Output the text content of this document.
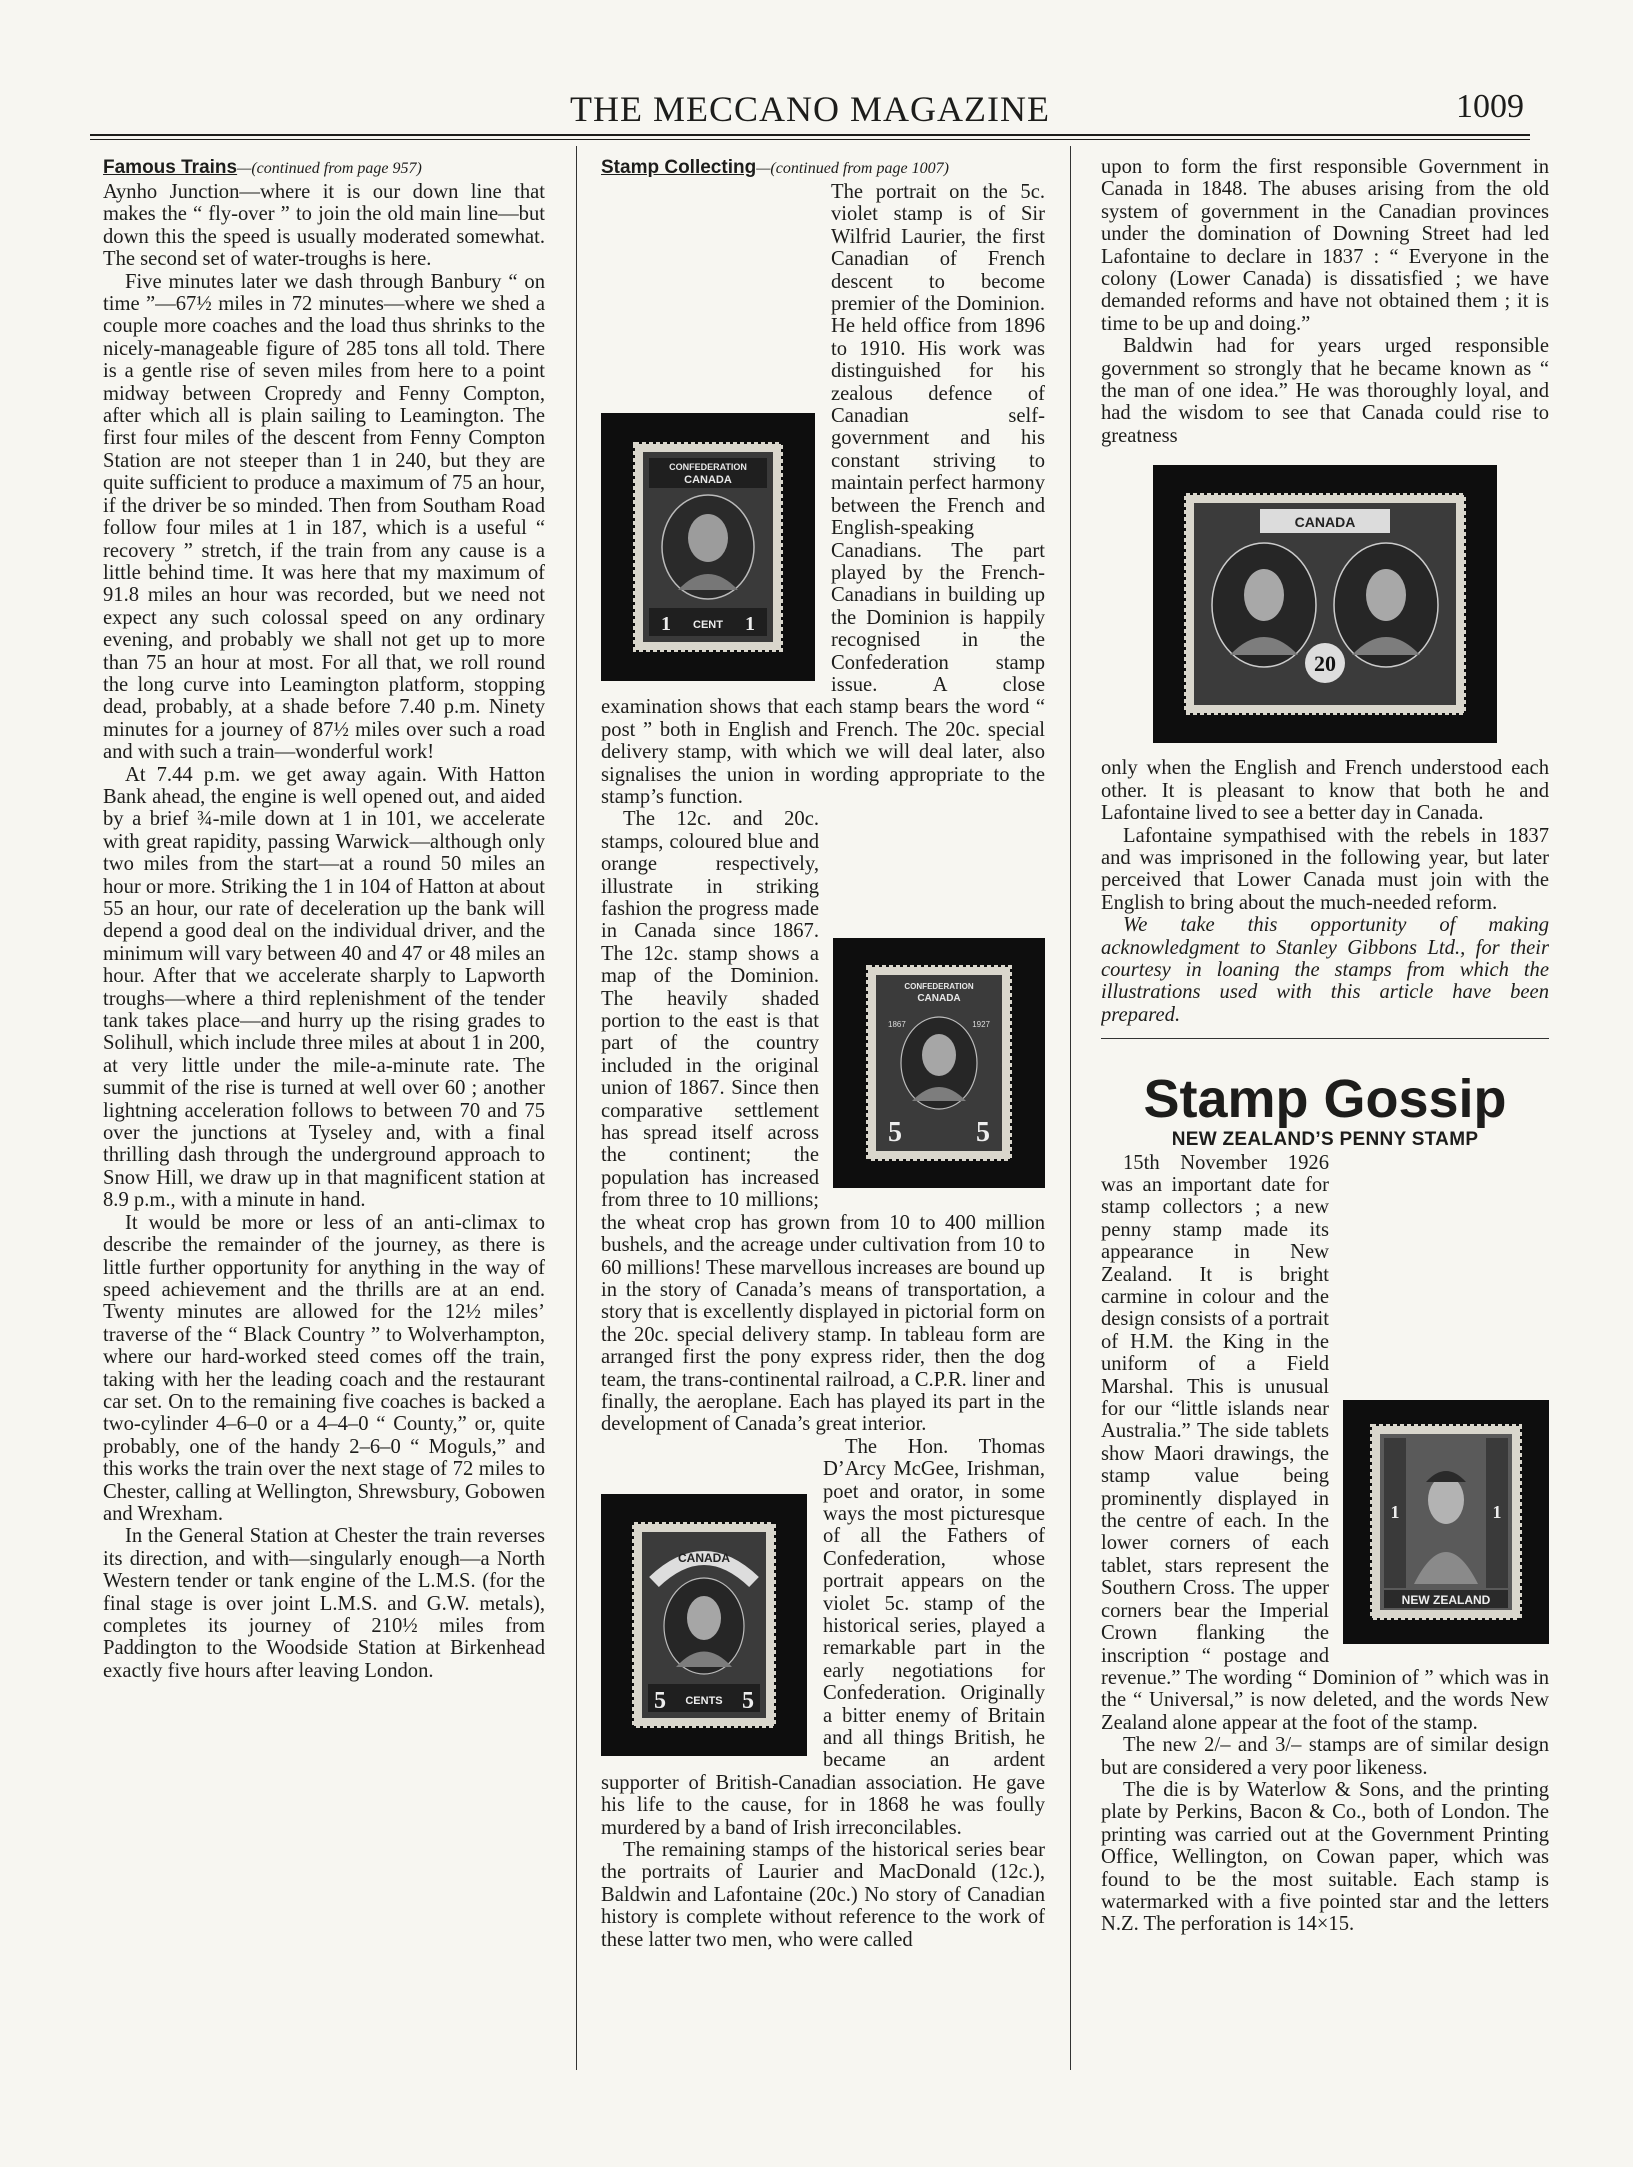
THE MECCANO MAGAZINE	1009

Famous Trains—(continued from page 957)

Aynho Junction—where it is our down line that makes the “ fly-over ” to join the old main line—but down this the speed is usually moderated somewhat. The second set of water-troughs is here.

Five minutes later we dash through Banbury “ on time ”—67½ miles in 72 minutes—where we shed a couple more coaches and the load thus shrinks to the nicely-manageable figure of 285 tons all told. There is a gentle rise of seven miles from here to a point midway between Cropredy and Fenny Compton, after which all is plain sailing to Leamington. The first four miles of the descent from Fenny Compton Station are not steeper than 1 in 240, but they are quite sufficient to produce a maximum of 75 an hour, if the driver be so minded. Then from Southam Road follow four miles at 1 in 187, which is a useful “ recovery ” stretch, if the train from any cause is a little behind time. It was here that my maximum of 91.8 miles an hour was recorded, but we need not expect any such colossal speed on any ordinary evening, and probably we shall not get up to more than 75 an hour at most. For all that, we roll round the long curve into Leamington platform, stopping dead, probably, at a shade before 7.40 p.m. Ninety minutes for a journey of 87½ miles over such a road and with such a train—wonderful work!

At 7.44 p.m. we get away again. With Hatton Bank ahead, the engine is well opened out, and aided by a brief ¾-mile down at 1 in 101, we accelerate with great rapidity, passing Warwick—although only two miles from the start—at a round 50 miles an hour or more. Striking the 1 in 104 of Hatton at about 55 an hour, our rate of deceleration up the bank will depend a good deal on the individual driver, and the minimum will vary between 40 and 47 or 48 miles an hour. After that we accelerate sharply to Lapworth troughs—where a third replenishment of the tender tank takes place—and hurry up the rising grades to Solihull, which include three miles at about 1 in 200, at very little under the mile-a-minute rate. The summit of the rise is turned at well over 60 ; another lightning acceleration follows to between 70 and 75 over the junctions at Tyseley and, with a final thrilling dash through the underground approach to Snow Hill, we draw up in that magnificent station at 8.9 p.m., with a minute in hand.

It would be more or less of an anti-climax to describe the remainder of the journey, as there is little further opportunity for anything in the way of speed achievement and the thrills are at an end. Twenty minutes are allowed for the 12½ miles’ traverse of the “ Black Country ” to Wolverhampton, where our hard-worked steed comes off the train, taking with her the leading coach and the restaurant car set. On to the remaining five coaches is backed a two-cylinder 4–6–0 or a 4–4–0 “ County,” or, quite probably, one of the handy 2–6–0 “ Moguls,” and this works the train over the next stage of 72 miles to Chester, calling at Wellington, Shrewsbury, Gobowen and Wrexham.

In the General Station at Chester the train reverses its direction, and with—singularly enough—a North Western tender or tank engine of the L.M.S. (for the final stage is over joint L.M.S. and G.W. metals), completes its journey of 210½ miles from Paddington to the Woodside Station at Birkenhead exactly five hours after leaving London.

Stamp Collecting—(continued from page 1007)

CONFEDERATION
CANADA
1	1
CENT

The portrait on the 5c. violet stamp is of Sir Wilfrid Laurier, the first Canadian of French descent to become premier of the Dominion. He held office from 1896 to 1910. His work was distinguished for his zealous defence of Canadian self-government and his constant striving to maintain perfect harmony between the French and English-speaking Canadians. The part played by the French-Canadians in building up the Dominion is happily recognised in the Confederation stamp issue. A close examination shows that each stamp bears the word “ post ” both in English and French. The 20c. special delivery stamp, with which we will deal later, also signalises the union in wording appropriate to the stamp’s function.

CONFEDERATION
CANADA
1867	1927
5	5

The 12c. and 20c. stamps, coloured blue and orange respectively, illustrate in striking fashion the progress made in Canada since 1867. The 12c. stamp shows a map of the Dominion. The heavily shaded portion to the east is that part of the country included in the original union of 1867. Since then comparative settlement has spread itself across the continent; the population has increased from three to 10 millions; the wheat crop has grown from 10 to 400 million bushels, and the acreage under cultivation from 10 to 60 millions! These marvellous increases are bound up in the story of Canada’s means of transportation, a story that is excellently displayed in pictorial form on the 20c. special delivery stamp. In tableau form are arranged first the pony express rider, then the dog team, the trans-continental railroad, a C.P.R. liner and finally, the aeroplane. Each has played its part in the development of Canada’s great interior.

CANADA
5	5
CENTS

The Hon. Thomas D’Arcy McGee, Irishman, poet and orator, in some ways the most picturesque of all the Fathers of Confederation, whose portrait appears on the violet 5c. stamp of the historical series, played a remarkable part in the early negotiations for Confederation. Originally a bitter enemy of Britain and all things British, he became an ardent supporter of British-Canadian association. He gave his life to the cause, for in 1868 he was foully murdered by a band of Irish irreconcilables.

The remaining stamps of the historical series bear the portraits of Laurier and MacDonald (12c.), Baldwin and Lafontaine (20c.) No story of Canadian history is complete without reference to the work of these latter two men, who were called

upon to form the first responsible Government in Canada in 1848. The abuses arising from the old system of government in the Canadian provinces under the domination of Downing Street had led Lafontaine to declare in 1837 : “ Everyone in the colony (Lower Canada) is dissatisfied ; we have demanded reforms and have not obtained them ; it is time to be up and doing.”

Baldwin had for years urged responsible government so strongly that he became known as “ the man of one idea.” He was thoroughly loyal, and had the wisdom to see that Canada could rise to greatness

CANADA
20

only when the English and French understood each other. It is pleasant to know that both he and Lafontaine lived to see a better day in Canada.

Lafontaine sympathised with the rebels in 1837 and was imprisoned in the following year, but later perceived that Lower Canada must join with the English to bring about the much-needed reform.

We take this opportunity of making acknowledgment to Stanley Gibbons Ltd., for their courtesy in loaning the stamps from which the illustrations used with this article have been prepared.

Stamp Gossip

NEW ZEALAND’S PENNY STAMP

1	1
NEW ZEALAND

15th November 1926 was an important date for stamp collectors ; a new penny stamp made its appearance in New Zealand. It is bright carmine in colour and the design consists of a portrait of H.M. the King in the uniform of a Field Marshal. This is unusual for our “little islands near Australia.” The side tablets show Maori drawings, the stamp value being prominently displayed in the centre of each. In the lower corners of each tablet, stars represent the Southern Cross. The upper corners bear the Imperial Crown flanking the inscription “ postage and revenue.” The wording “ Dominion of ” which was in the “ Universal,” is now deleted, and the words New Zealand alone appear at the foot of the stamp.

The new 2/– and 3/– stamps are of similar design but are considered a very poor likeness.

The die is by Waterlow & Sons, and the printing plate by Perkins, Bacon & Co., both of London. The printing was carried out at the Government Printing Office, Wellington, on Cowan paper, which was found to be the most suitable. Each stamp is watermarked with a five pointed star and the letters N.Z. The perforation is 14×15.
